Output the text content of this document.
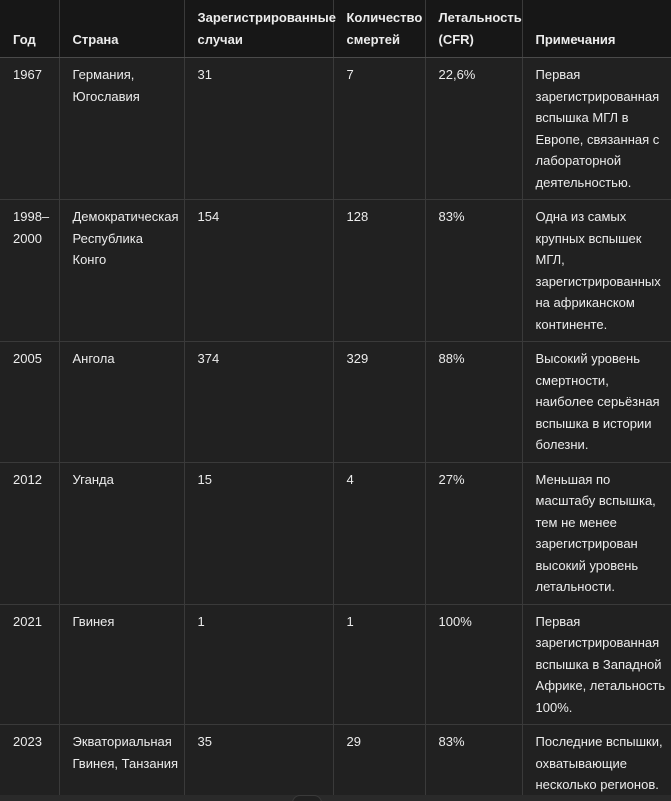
Год	Страна	Зарегистрированные случаи	Количество смертей	Летальность (CFR)	Примечания
1967	Германия, Югославия	31	7	22,6%	Первая зарегистрированная вспышка МГЛ в Европе, связанная с лабораторной деятельностью.
1998–2000	Демократическая Республика Конго	154	128	83%	Одна из самых крупных вспышек МГЛ, зарегистрированных на африканском континенте.
2005	Ангола	374	329	88%	Высокий уровень смертности, наиболее серьёзная вспышка в истории болезни.
2012	Уганда	15	4	27%	Меньшая по масштабу вспышка, тем не менее зарегистрирован высокий уровень летальности.
2021	Гвинея	1	1	100%	Первая зарегистрированная вспышка в Западной Африке, летальность 100%.
2023	Экваториальная Гвинея, Танзания	35	29	83%	Последние вспышки, охватывающие несколько регионов.
